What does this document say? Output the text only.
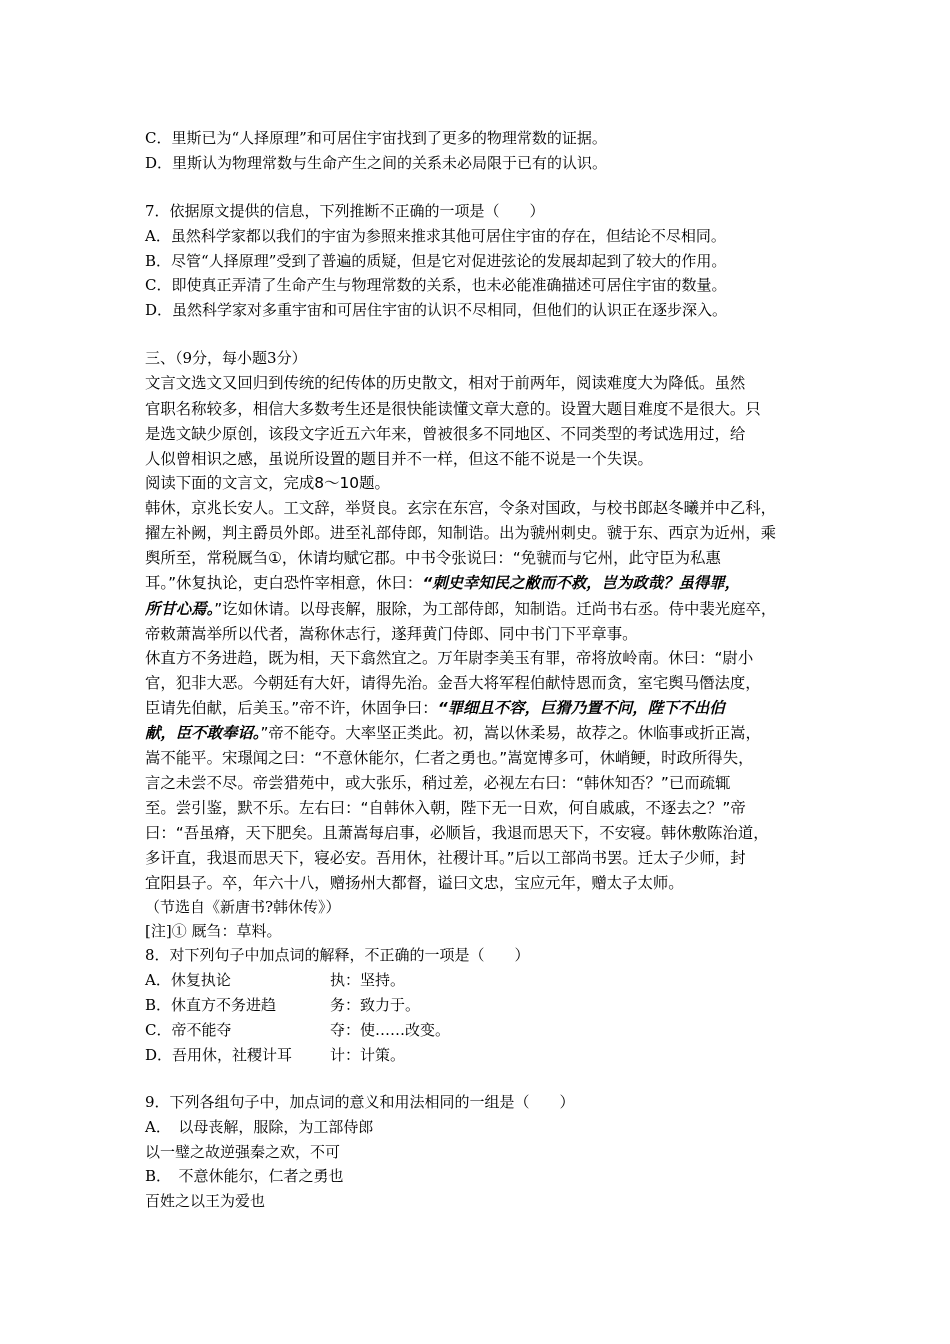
C．里斯已为“人择原理”和可居住宇宙找到了更多的物理常数的证据。
D．里斯认为物理常数与生命产生之间的关系未必局限于已有的认识。
7．依据原文提供的信息，下列推断不正确的一项是（　　）
A．虽然科学家都以我们的宇宙为参照来推求其他可居住宇宙的存在，但结论不尽相同。
B．尽管“人择原理”受到了普遍的质疑，但是它对促进弦论的发展却起到了较大的作用。
C．即使真正弄清了生命产生与物理常数的关系，也未必能准确描述可居住宇宙的数量。
D．虽然科学家对多重宇宙和可居住宇宙的认识不尽相同，但他们的认识正在逐步深入。
三、（9分，每小题3分）
文言文选文又回归到传统的纪传体的历史散文，相对于前两年，阅读难度大为降低。虽然
官职名称较多，相信大多数考生还是很快能读懂文章大意的。设置大题目难度不是很大。只
是选文缺少原创，该段文字近五六年来，曾被很多不同地区、不同类型的考试选用过，给
人似曾相识之感，虽说所设置的题目并不一样，但这不能不说是一个失误。
阅读下面的文言文，完成8～10题。
韩休，京兆长安人。工文辞，举贤良。玄宗在东宫，令条对国政，与校书郎赵冬曦并中乙科，
擢左补阙，判主爵员外郎。进至礼部侍郎，知制诰。出为虢州刺史。虢于东、西京为近州，乘
舆所至，常税厩刍①，休请均赋它郡。中书令张说曰：“免虢而与它州，此守臣为私惠
耳。”休复执论，吏白恐忤宰相意，休曰：“刺史幸知民之敝而不救，岂为政哉？虽得罪，
所甘心焉。”讫如休请。以母丧解，服除，为工部侍郎，知制诰。迁尚书右丞。侍中裴光庭卒，
帝敕萧嵩举所以代者，嵩称休志行，遂拜黄门侍郎、同中书门下平章事。
休直方不务进趋，既为相，天下翕然宜之。万年尉李美玉有罪，帝将放岭南。休曰：“尉小
官，犯非大恶。今朝廷有大奸，请得先治。金吾大将军程伯献恃恩而贪，室宅舆马僭法度，
臣请先伯献，后美玉。”帝不许，休固争曰：“罪细且不容，巨猾乃置不问，陛下不出伯
献，臣不敢奉诏。”帝不能夺。大率坚正类此。初，嵩以休柔易，故荐之。休临事或折正嵩，
嵩不能平。宋璟闻之曰：“不意休能尔，仁者之勇也。”嵩宽博多可，休峭鲠，时政所得失，
言之未尝不尽。帝尝猎苑中，或大张乐，稍过差，必视左右曰：“韩休知否？”已而疏辄
至。尝引鉴，默不乐。左右曰：“自韩休入朝，陛下无一日欢，何自戚戚，不逐去之？”帝
曰：“吾虽瘠，天下肥矣。且萧嵩每启事，必顺旨，我退而思天下，不安寝。韩休敷陈治道，
多讦直，我退而思天下，寝必安。吾用休，社稷计耳。”后以工部尚书罢。迁太子少师，封
宜阳县子。卒，年六十八，赠扬州大都督，谥曰文忠，宝应元年，赠太子太师。
（节选自《新唐书?韩休传》）
[注]① 厩刍：草料。
8．对下列句子中加点词的解释，不正确的一项是（　　）
A．休复执论	执：坚持。
B．休直方不务进趋	务：致力于。
C．帝不能夺	夺：使……改变。
D．吾用休，社稷计耳	计：计策。
9．下列各组句子中，加点词的意义和用法相同的一组是（　　）
A．　以母丧解，服除，为工部侍郎
以一璧之故逆强秦之欢，不可
B．　不意休能尔，仁者之勇也
百姓之以王为爱也
